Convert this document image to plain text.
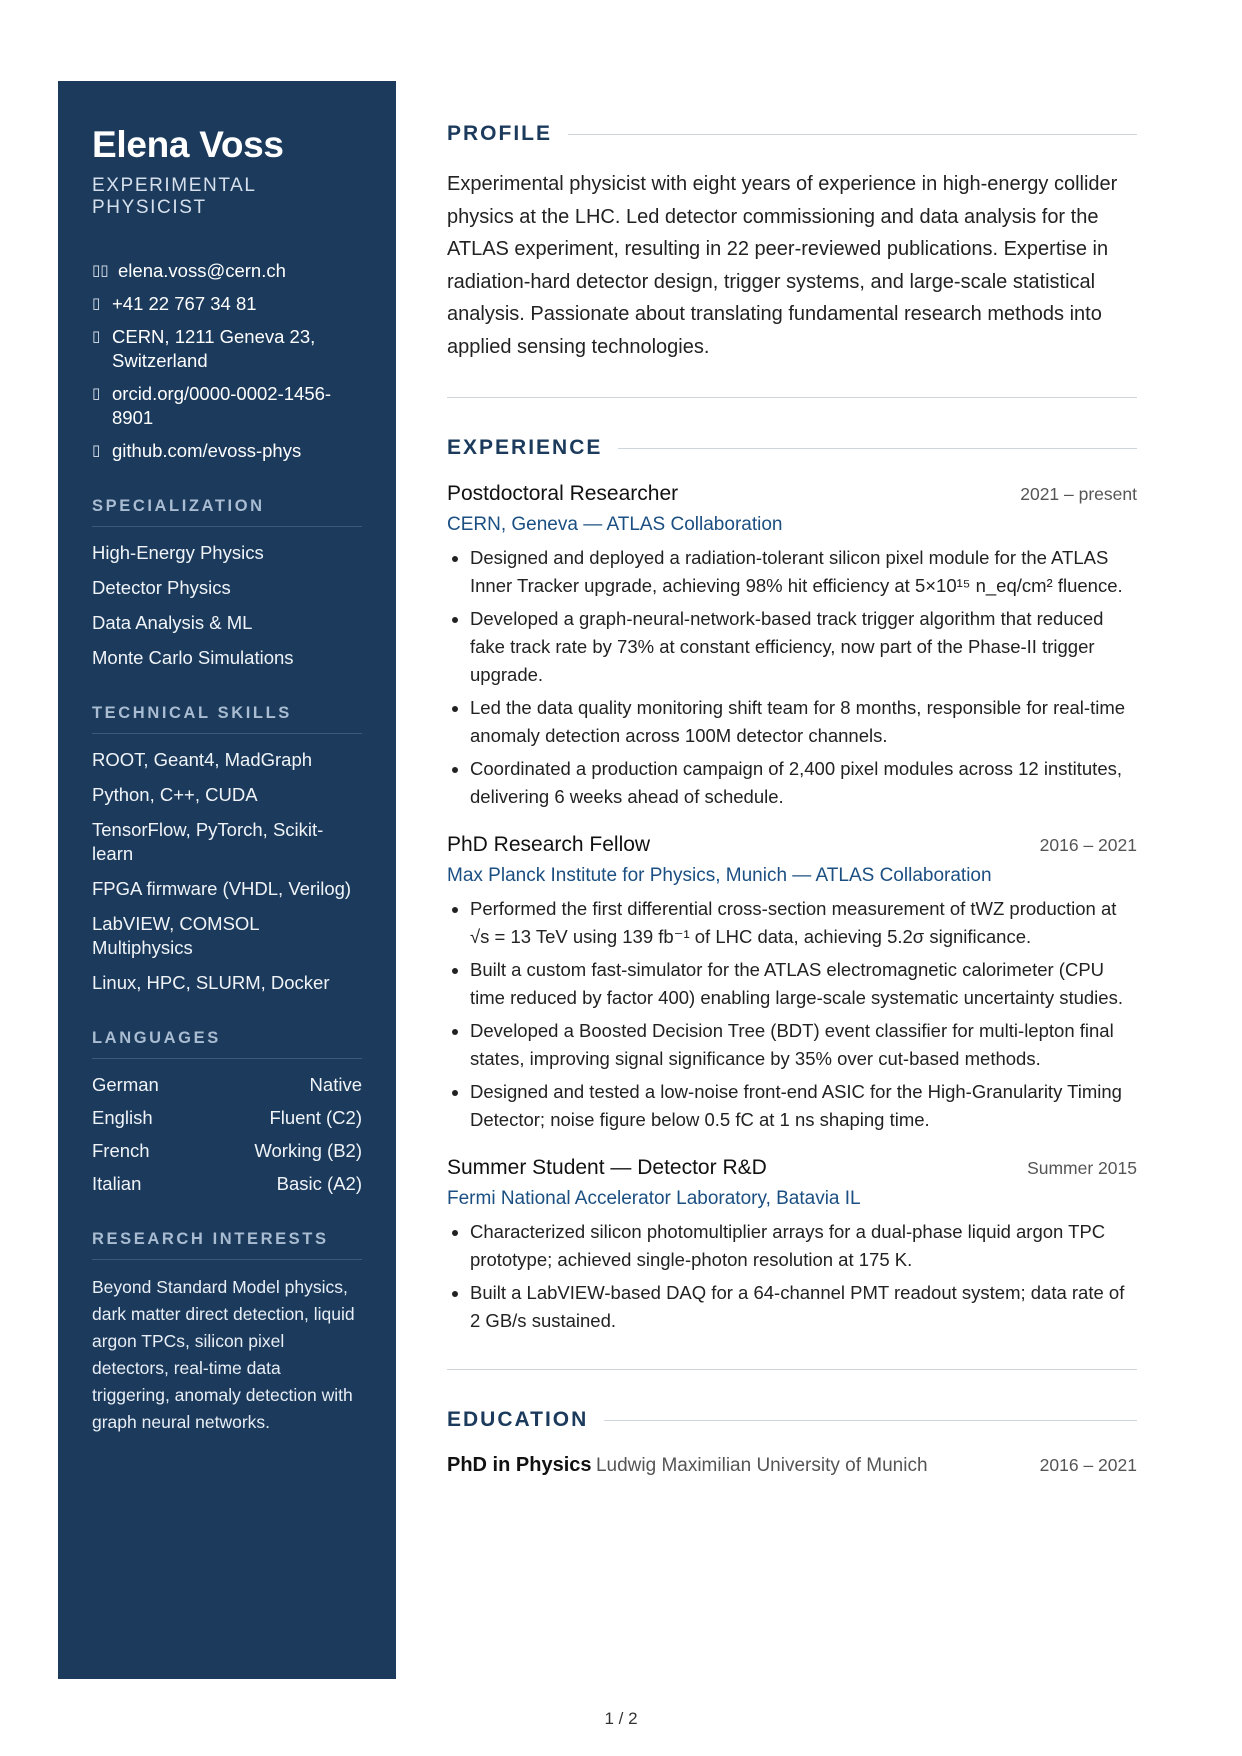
Elena Voss
EXPERIMENTAL PHYSICIST
▯▯ elena.voss@cern.ch
▯ +41 22 767 34 81
▯ CERN, 1211 Geneva 23, Switzerland
▯ orcid.org/0000-0002-1456-8901
▯ github.com/evoss-phys
SPECIALIZATION
High-Energy Physics
Detector Physics
Data Analysis & ML
Monte Carlo Simulations
TECHNICAL SKILLS
ROOT, Geant4, MadGraph
Python, C++, CUDA
TensorFlow, PyTorch, Scikit-learn
FPGA firmware (VHDL, Verilog)
LabVIEW, COMSOL Multiphysics
Linux, HPC, SLURM, Docker
LANGUAGES
German	Native
English	Fluent (C2)
French	Working (B2)
Italian	Basic (A2)
RESEARCH INTERESTS
Beyond Standard Model physics, dark matter direct detection, liquid argon TPCs, silicon pixel detectors, real-time data triggering, anomaly detection with graph neural networks.
PROFILE

Experimental physicist with eight years of experience in high-energy collider physics at the LHC. Led detector commissioning and data analysis for the ATLAS experiment, resulting in 22 peer-reviewed publications. Expertise in radiation-hard detector design, trigger systems, and large-scale statistical analysis. Passionate about translating fundamental research methods into applied sensing technologies.

EXPERIENCE
Postdoctoral Researcher	2021 – present
CERN, Geneva — ATLAS Collaboration
• Designed and deployed a radiation-tolerant silicon pixel module for the ATLAS Inner Tracker upgrade, achieving 98% hit efficiency at 5×10¹⁵ n_eq/cm² fluence.
• Developed a graph-neural-network-based track trigger algorithm that reduced fake track rate by 73% at constant efficiency, now part of the Phase-II trigger upgrade.
• Led the data quality monitoring shift team for 8 months, responsible for real-time anomaly detection across 100M detector channels.
• Coordinated a production campaign of 2,400 pixel modules across 12 institutes, delivering 6 weeks ahead of schedule.
PhD Research Fellow	2016 – 2021
Max Planck Institute for Physics, Munich — ATLAS Collaboration
• Performed the first differential cross-section measurement of tWZ production at √s = 13 TeV using 139 fb⁻¹ of LHC data, achieving 5.2σ significance.
• Built a custom fast-simulator for the ATLAS electromagnetic calorimeter (CPU time reduced by factor 400) enabling large-scale systematic uncertainty studies.
• Developed a Boosted Decision Tree (BDT) event classifier for multi-lepton final states, improving signal significance by 35% over cut-based methods.
• Designed and tested a low-noise front-end ASIC for the High-Granularity Timing Detector; noise figure below 0.5 fC at 1 ns shaping time.
Summer Student — Detector R&D	Summer 2015
Fermi National Accelerator Laboratory, Batavia IL
• Characterized silicon photomultiplier arrays for a dual-phase liquid argon TPC prototype; achieved single-photon resolution at 175 K.
• Built a LabVIEW-based DAQ for a 64-channel PMT readout system; data rate of 2 GB/s sustained.
EDUCATION
PhD in Physics Ludwig Maximilian University of Munich	2016 – 2021
1 / 2
